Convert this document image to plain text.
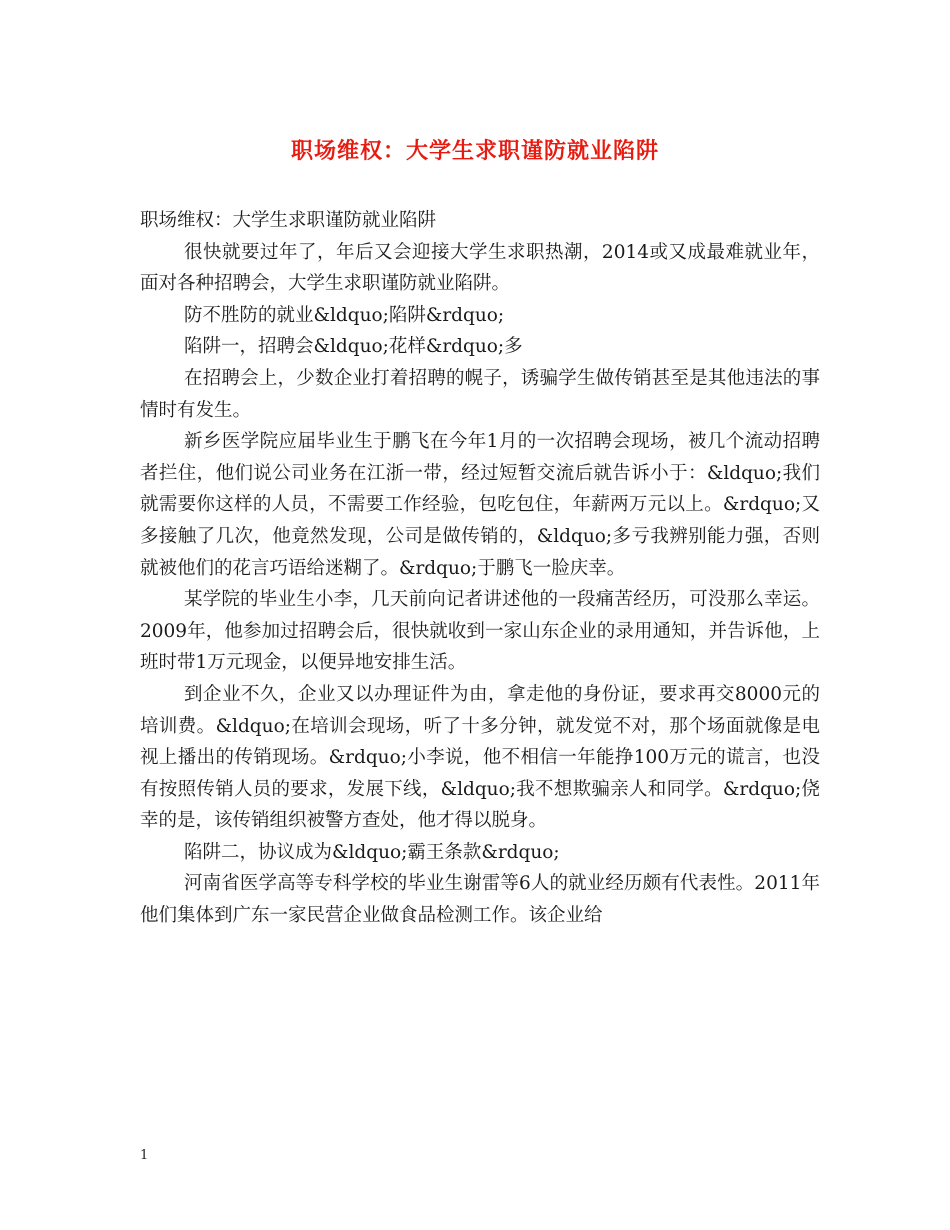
职场维权：大学生求职谨防就业陷阱

职场维权：大学生求职谨防就业陷阱

很快就要过年了，年后又会迎接大学生求职热潮，2014或又成最难就业年，面对各种招聘会，大学生求职谨防就业陷阱。

防不胜防的就业&ldquo;陷阱&rdquo;

陷阱一，招聘会&ldquo;花样&rdquo;多

在招聘会上，少数企业打着招聘的幌子，诱骗学生做传销甚至是其他违法的事情时有发生。

新乡医学院应届毕业生于鹏飞在今年1月的一次招聘会现场，被几个流动招聘者拦住，他们说公司业务在江浙一带，经过短暂交流后就告诉小于：&ldquo;我们就需要你这样的人员，不需要工作经验，包吃包住，年薪两万元以上。&rdquo;又多接触了几次，他竟然发现，公司是做传销的，&ldquo;多亏我辨别能力强，否则就被他们的花言巧语给迷糊了。&rdquo;于鹏飞一脸庆幸。

某学院的毕业生小李，几天前向记者讲述他的一段痛苦经历，可没那么幸运。2009年，他参加过招聘会后，很快就收到一家山东企业的录用通知，并告诉他，上班时带1万元现金，以便异地安排生活。

到企业不久，企业又以办理证件为由，拿走他的身份证，要求再交8000元的培训费。&ldquo;在培训会现场，听了十多分钟，就发觉不对，那个场面就像是电视上播出的传销现场。&rdquo;小李说，他不相信一年能挣100万元的谎言，也没有按照传销人员的要求，发展下线，&ldquo;我不想欺骗亲人和同学。&rdquo;侥幸的是，该传销组织被警方查处，他才得以脱身。

陷阱二，协议成为&ldquo;霸王条款&rdquo;

河南省医学高等专科学校的毕业生谢雷等6人的就业经历颇有代表性。2011年他们集体到广东一家民营企业做食品检测工作。该企业给

1
